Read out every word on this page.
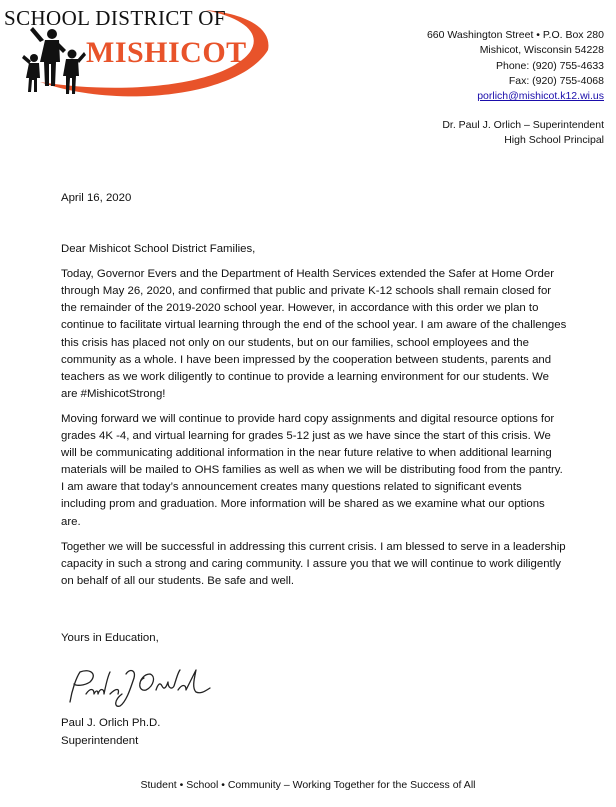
SCHOOL DISTRICT OF

MISHICOT

660 Washington Street • P.O. Box 280
Mishicot, Wisconsin 54228
Phone: (920) 755-4633
Fax: (920) 755-4068
porlich@mishicot.k12.wi.us
Dr. Paul J. Orlich – Superintendent
High School Principal

April 16, 2020

Dear Mishicot School District Families,

Today, Governor Evers and the Department of Health Services extended the Safer at Home Order through May 26, 2020, and confirmed that public and private K-12 schools shall remain closed for the remainder of the 2019-2020 school year. However, in accordance with this order we plan to continue to facilitate virtual learning through the end of the school year. I am aware of the challenges this crisis has placed not only on our students, but on our families, school employees and the community as a whole. I have been impressed by the cooperation between students, parents and teachers as we work diligently to continue to provide a learning environment for our students. We are #MishicotStrong!

Moving forward we will continue to provide hard copy assignments and digital resource options for grades 4K -4, and virtual learning for grades 5-12 just as we have since the start of this crisis. We will be communicating additional information in the near future relative to when additional learning materials will be mailed to OHS families as well as when we will be distributing food from the pantry. I am aware that today’s announcement creates many questions related to significant events including prom and graduation. More information will be shared as we examine what our options are.

Together we will be successful in addressing this current crisis. I am blessed to serve in a leadership capacity in such a strong and caring community. I assure you that we will continue to work diligently on behalf of all our students. Be safe and well.

Yours in Education,
Paul J. Orlich Ph.D.
Superintendent
Student • School • Community – Working Together for the Success of All
